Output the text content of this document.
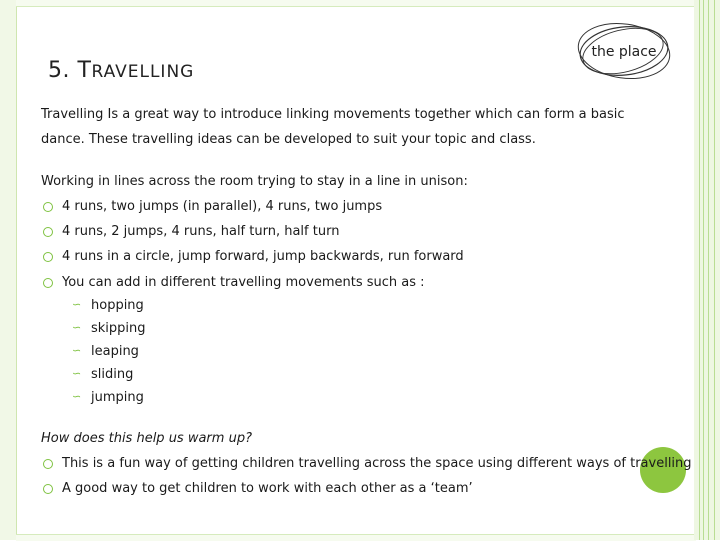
5. TRAVELLING
the place

Travelling Is a great way to introduce linking movements together which can form a basic

dance. These travelling ideas can be developed to suit your topic and class.

Working in lines across the room trying to stay in a line in unison:

4 runs, two jumps (in parallel), 4 runs, two jumps

4 runs, 2 jumps, 4 runs, half turn, half turn

4 runs in a circle, jump forward, jump backwards, run forward

You can add in different travelling movements such as :

∽ hopping

∽ skipping

∽ leaping

∽ sliding

∽ jumping

How does this help us warm up?

This is a fun way of getting children travelling across the space using different ways of travelling

A good way to get children to work with each other as a ‘team’
